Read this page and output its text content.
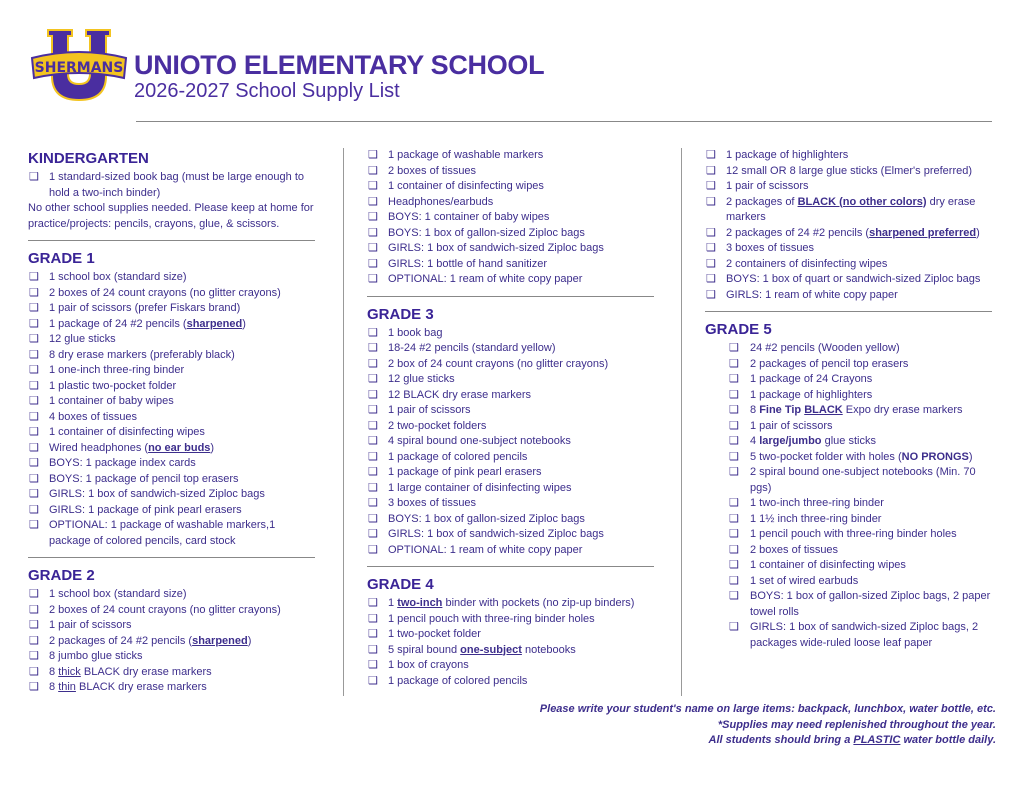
SHERMANS UNIOTO ELEMENTARY SCHOOL
2026-2027 School Supply List
KINDERGARTEN
❑ 1 standard-sized book bag (must be large enough to hold a two-inch binder)

No other school supplies needed. Please keep at home for practice/projects: pencils, crayons, glue, & scissors.

GRADE 1
❑ 1 school box (standard size)
❑ 2 boxes of 24 count crayons (no glitter crayons)
❑ 1 pair of scissors (prefer Fiskars brand)
❑ 1 package of 24 #2 pencils (sharpened)
❑ 12 glue sticks
❑ 8 dry erase markers (preferably black)
❑ 1 one-inch three-ring binder
❑ 1 plastic two-pocket folder
❑ 1 container of baby wipes
❑ 4 boxes of tissues
❑ 1 container of disinfecting wipes
❑ Wired headphones (no ear buds)
❑ BOYS: 1 package index cards
❑ BOYS: 1 package of pencil top erasers
❑ GIRLS: 1 box of sandwich-sized Ziploc bags
❑ GIRLS: 1 package of pink pearl erasers
❑ OPTIONAL: 1 package of washable markers,1 package of colored pencils, card stock
GRADE 2
❑ 1 school box (standard size)
❑ 2 boxes of 24 count crayons (no glitter crayons)
❑ 1 pair of scissors
❑ 2 packages of 24 #2 pencils (sharpened)
❑ 8 jumbo glue sticks
❑ 8 thick BLACK dry erase markers
❑ 8 thin BLACK dry erase markers
❑ 1 package of washable markers
❑ 2 boxes of tissues
❑ 1 container of disinfecting wipes
❑ Headphones/earbuds
❑ BOYS: 1 container of baby wipes
❑ BOYS: 1 box of gallon-sized Ziploc bags
❑ GIRLS: 1 box of sandwich-sized Ziploc bags
❑ GIRLS: 1 bottle of hand sanitizer
❑ OPTIONAL: 1 ream of white copy paper
GRADE 3
❑ 1 book bag
❑ 18-24 #2 pencils (standard yellow)
❑ 2 box of 24 count crayons (no glitter crayons)
❑ 12 glue sticks
❑ 12 BLACK dry erase markers
❑ 1 pair of scissors
❑ 2 two-pocket folders
❑ 4 spiral bound one-subject notebooks
❑ 1 package of colored pencils
❑ 1 package of pink pearl erasers
❑ 1 large container of disinfecting wipes
❑ 3 boxes of tissues
❑ BOYS: 1 box of gallon-sized Ziploc bags
❑ GIRLS: 1 box of sandwich-sized Ziploc bags
❑ OPTIONAL: 1 ream of white copy paper
GRADE 4
❑ 1 two-inch binder with pockets (no zip-up binders)
❑ 1 pencil pouch with three-ring binder holes
❑ 1 two-pocket folder
❑ 5 spiral bound one-subject notebooks
❑ 1 box of crayons
❑ 1 package of colored pencils
❑ 1 package of highlighters
❑ 12 small OR 8 large glue sticks (Elmer's preferred)
❑ 1 pair of scissors
❑ 2 packages of BLACK (no other colors) dry erase markers
❑ 2 packages of 24 #2 pencils (sharpened preferred)
❑ 3 boxes of tissues
❑ 2 containers of disinfecting wipes
❑ BOYS: 1 box of quart or sandwich-sized Ziploc bags
❑ GIRLS: 1 ream of white copy paper
GRADE 5
❑ 24 #2 pencils (Wooden yellow)
❑ 2 packages of pencil top erasers
❑ 1 package of 24 Crayons
❑ 1 package of highlighters
❑ 8 Fine Tip BLACK Expo dry erase markers
❑ 1 pair of scissors
❑ 4 large/jumbo glue sticks
❑ 5 two-pocket folder with holes (NO PRONGS)
❑ 2 spiral bound one-subject notebooks (Min. 70 pgs)
❑ 1 two-inch three-ring binder
❑ 1 1½ inch three-ring binder
❑ 1 pencil pouch with three-ring binder holes
❑ 2 boxes of tissues
❑ 1 container of disinfecting wipes
❑ 1 set of wired earbuds
❑ BOYS: 1 box of gallon-sized Ziploc bags, 2 paper towel rolls
❑ GIRLS: 1 box of sandwich-sized Ziploc bags, 2 packages wide-ruled loose leaf paper
Please write your student's name on large items: backpack, lunchbox, water bottle, etc.
*Supplies may need replenished throughout the year.
All students should bring a PLASTIC water bottle daily.
